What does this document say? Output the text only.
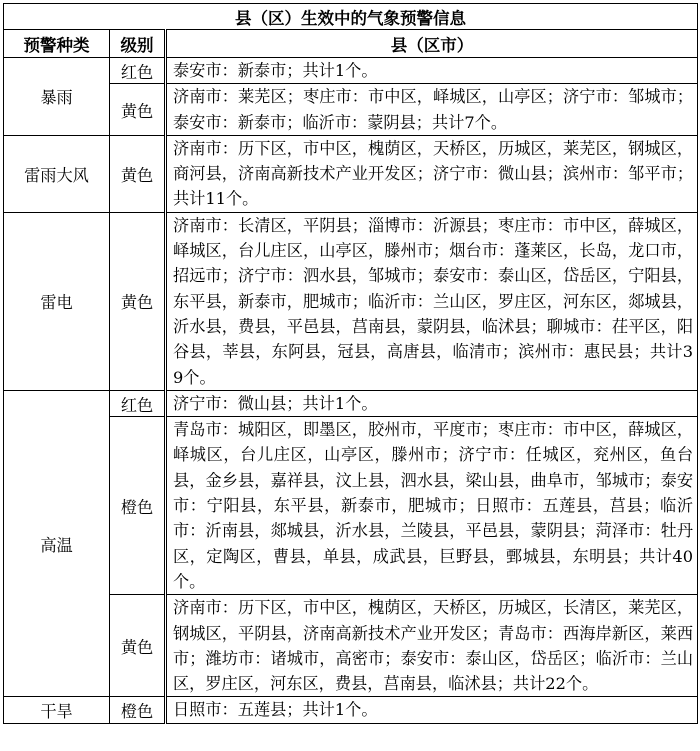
县（区）生效中的气象预警信息		
预警种类	级别	县（区市）
暴雨	红色	泰安市：新泰市；共计1个。
	黄色	济南市：莱芜区；枣庄市：市中区，峄城区，山亭区；济宁市：邹城市；泰安市：新泰市；临沂市：蒙阴县；共计7个。
雷雨大风	黄色	济南市：历下区，市中区，槐荫区，天桥区，历城区，莱芜区，钢城区，商河县，济南高新技术产业开发区；济宁市：微山县；滨州市：邹平市；共计11个。
雷电	黄色	济南市：长清区，平阴县；淄博市：沂源县；枣庄市：市中区，薛城区，峄城区，台儿庄区，山亭区，滕州市；烟台市：蓬莱区，长岛，龙口市，招远市；济宁市：泗水县，邹城市；泰安市：泰山区，岱岳区，宁阳县，东平县，新泰市，肥城市；临沂市：兰山区，罗庄区，河东区，郯城县，沂水县，费县，平邑县，莒南县，蒙阴县，临沭县；聊城市：茌平区，阳谷县，莘县，东阿县，冠县，高唐县，临清市；滨州市：惠民县；共计39个。
高温	红色	济宁市：微山县；共计1个。
	橙色	青岛市：城阳区，即墨区，胶州市，平度市；枣庄市：市中区，薛城区，峄城区，台儿庄区，山亭区，滕州市；济宁市：任城区，兖州区，鱼台县，金乡县，嘉祥县，汶上县，泗水县，梁山县，曲阜市，邹城市；泰安市：宁阳县，东平县，新泰市，肥城市；日照市：五莲县，莒县；临沂市：沂南县，郯城县，沂水县，兰陵县，平邑县，蒙阴县；菏泽市：牡丹区，定陶区，曹县，单县，成武县，巨野县，鄄城县，东明县；共计40个。
	黄色	济南市：历下区，市中区，槐荫区，天桥区，历城区，长清区，莱芜区，钢城区，平阴县，济南高新技术产业开发区；青岛市：西海岸新区，莱西市；潍坊市：诸城市，高密市；泰安市：泰山区，岱岳区；临沂市：兰山区，罗庄区，河东区，费县，莒南县，临沭县；共计22个。
干旱	橙色	日照市：五莲县；共计1个。
